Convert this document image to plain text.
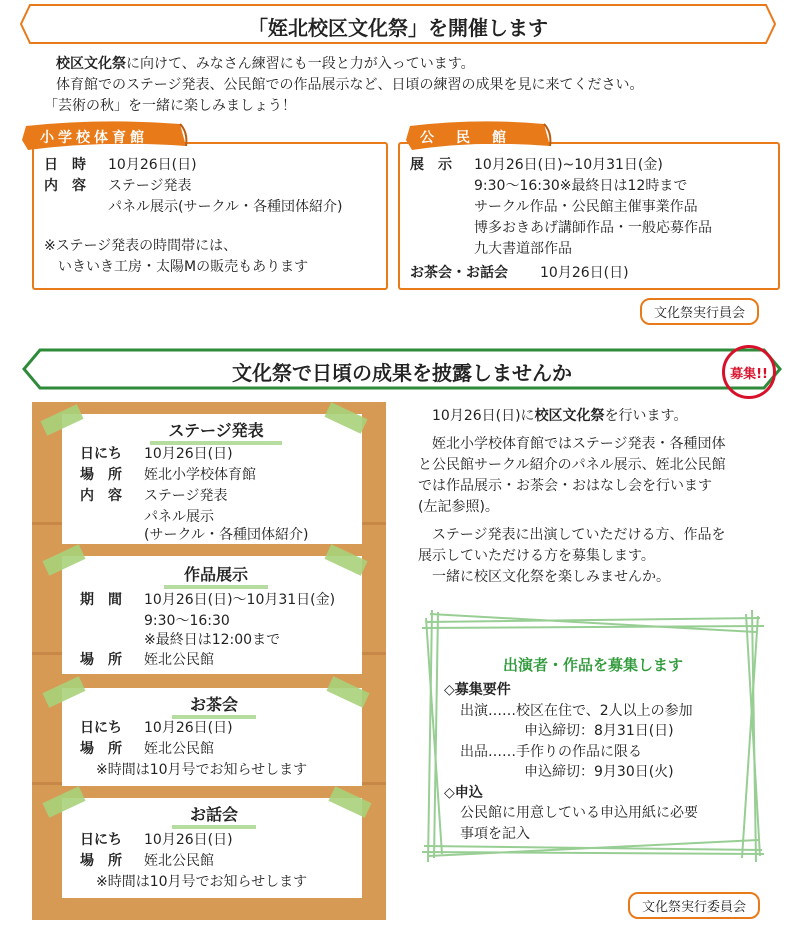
「姪北校区文化祭」を開催します

校区文化祭に向けて、みなさん練習にも一段と力が入っています。

体育館でのステージ発表、公民館での作品展示など、日頃の練習の成果を見に来てください。

「芸術の秋」を一緒に楽しみましょう！

小学校体育館
日　時 10月26日(日)
内　容 ステージ発表
パネル展示(サークル・各種団体紹介)
※ステージ発表の時間帯には、
いきいき工房・太陽Mの販売もあります
公　民　館
展　示 10月26日(日)~10月31日(金)
9:30～16:30※最終日は12時まで
サークル作品・公民館主催事業作品
博多おきあげ講師作品・一般応募作品
九大書道部作品
お茶会・お話会 10月26日(日)
文化祭実行員会
文化祭で日頃の成果を披露しませんか	募集!!
ステージ発表
日にち 10月26日(日)
場　所 姪北小学校体育館
内　容 ステージ発表
パネル展示
(サークル・各種団体紹介)
作品展示
期　間 10月26日(日)～10月31日(金)
9:30～16:30
※最終日は12:00まで
場　所 姪北公民館
お茶会
日にち 10月26日(日)
場　所 姪北公民館
※時間は10月号でお知らせします
お話会
日にち 10月26日(日)
場　所 姪北公民館
※時間は10月号でお知らせします

10月26日(日)に校区文化祭を行います。

姪北小学校体育館ではステージ発表・各種団体

と公民館サークル紹介のパネル展示、姪北公民館

では作品展示・お茶会・おはなし会を行います

(左記参照)。

ステージ発表に出演していただける方、作品を

展示していただける方を募集します。

一緒に校区文化祭を楽しみませんか。

出演者・作品を募集します
◇募集要件
出演……校区在住で、2人以上の参加
申込締切：8月31日(日)
出品……手作りの作品に限る
申込締切：9月30日(火)
◇申込
公民館に用意している申込用紙に必要
事項を記入
文化祭実行委員会
